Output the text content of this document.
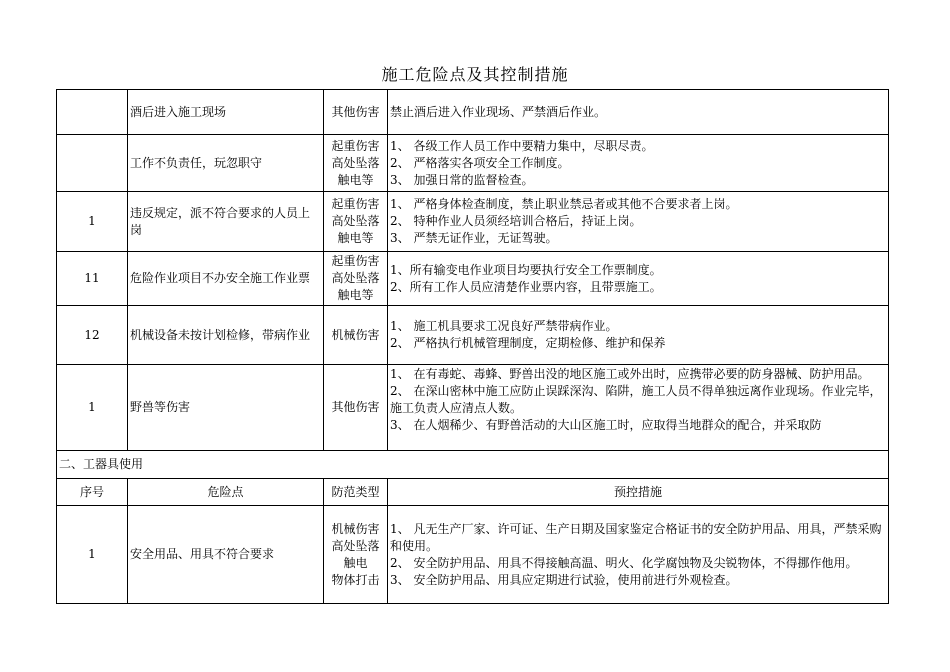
施工危险点及其控制措施
	酒后进入施工现场	其他伤害	禁止酒后进入作业现场、严禁酒后作业。

	工作不负责任，玩忽职守	起重伤害
高处坠落
触电等	1、 各级工作人员工作中要精力集中，尽职尽责。
2、 严格落实各项安全工作制度。
3、 加强日常的监督检查。

1	违反规定，派不符合要求的人员上岗	起重伤害
高处坠落
触电等	1、 严格身体检查制度，禁止职业禁忌者或其他不合要求者上岗。
2、 特种作业人员须经培训合格后，持证上岗。
3、 严禁无证作业，无证驾驶。

11	危险作业项目不办安全施工作业票	起重伤害
高处坠落
触电等	1、所有输变电作业项目均要执行安全工作票制度。
2、所有工作人员应清楚作业票内容，且带票施工。

12	机械设备未按计划检修，带病作业	机械伤害	1、 施工机具要求工况良好严禁带病作业。
2、 严格执行机械管理制度，定期检修、维护和保养

1	野兽等伤害	其他伤害	1、 在有毒蛇、毒蜂、野兽出没的地区施工或外出时，应携带必要的防身器械、防护用品。
2、 在深山密林中施工应防止误踩深沟、陷阱，施工人员不得单独远离作业现场。作业完毕，施工负责人应清点人数。
3、 在人烟稀少、有野兽活动的大山区施工时，应取得当地群众的配合，并采取防

二、工器具使用			
序号	危险点	防范类型	预控措施
1	安全用品、用具不符合要求	机械伤害
高处坠落
触电
物体打击	1、 凡无生产厂家、许可证、生产日期及国家鉴定合格证书的安全防护用品、用具，严禁采购和使用。
2、 安全防护用品、用具不得接触高温、明火、化学腐蚀物及尖锐物体，不得挪作他用。
3、 安全防护用品、用具应定期进行试验，使用前进行外观检查。
